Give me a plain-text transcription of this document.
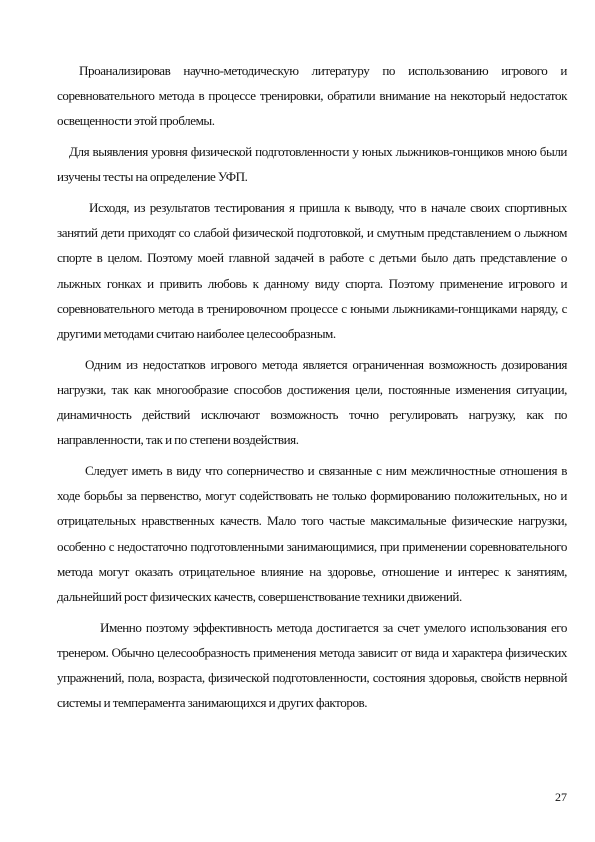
Проанализировав научно-методическую литературу по использованию игрового и соревновательного метода в процессе тренировки, обратили внимание на некоторый недостаток освещенности этой проблемы.

Для выявления уровня физической подготовленности у юных лыжников-гонщиков мною были изучены тесты на определение УФП.

Исходя, из результатов тестирования я пришла к выводу, что в начале своих спортивных занятий дети приходят со слабой физической подготовкой, и смутным представлением о лыжном спорте в целом. Поэтому моей главной задачей в работе с детьми было дать представление о лыжных гонках и привить любовь к данному виду спорта. Поэтому применение игрового и соревновательного метода в тренировочном процессе с юными лыжниками-гонщиками наряду, с другими методами считаю наиболее целесообразным.

Одним из недостатков игрового метода является ограниченная возможность дозирования нагрузки, так как многообразие способов достижения цели, постоянные изменения ситуации, динамичность действий исключают возможность точно регулировать нагрузку, как по направленности, так и по степени воздействия.

Следует иметь в виду что соперничество и связанные с ним межличностные отношения в ходе борьбы за первенство, могут содействовать не только формированию положительных, но и отрицательных нравственных качеств. Мало того частые максимальные физические нагрузки, особенно с недостаточно подготовленными занимающимися, при применении соревновательного метода могут оказать отрицательное влияние на здоровье, отношение и интерес к занятиям, дальнейший рост физических качеств, совершенствование техники движений.

Именно поэтому эффективность метода достигается за счет умелого использования его тренером. Обычно целесообразность применения метода зависит от вида и характера физических упражнений, пола, возраста, физической подготовленности, состояния здоровья, свойств нервной системы и темперамента занимающихся и других факторов.

27
